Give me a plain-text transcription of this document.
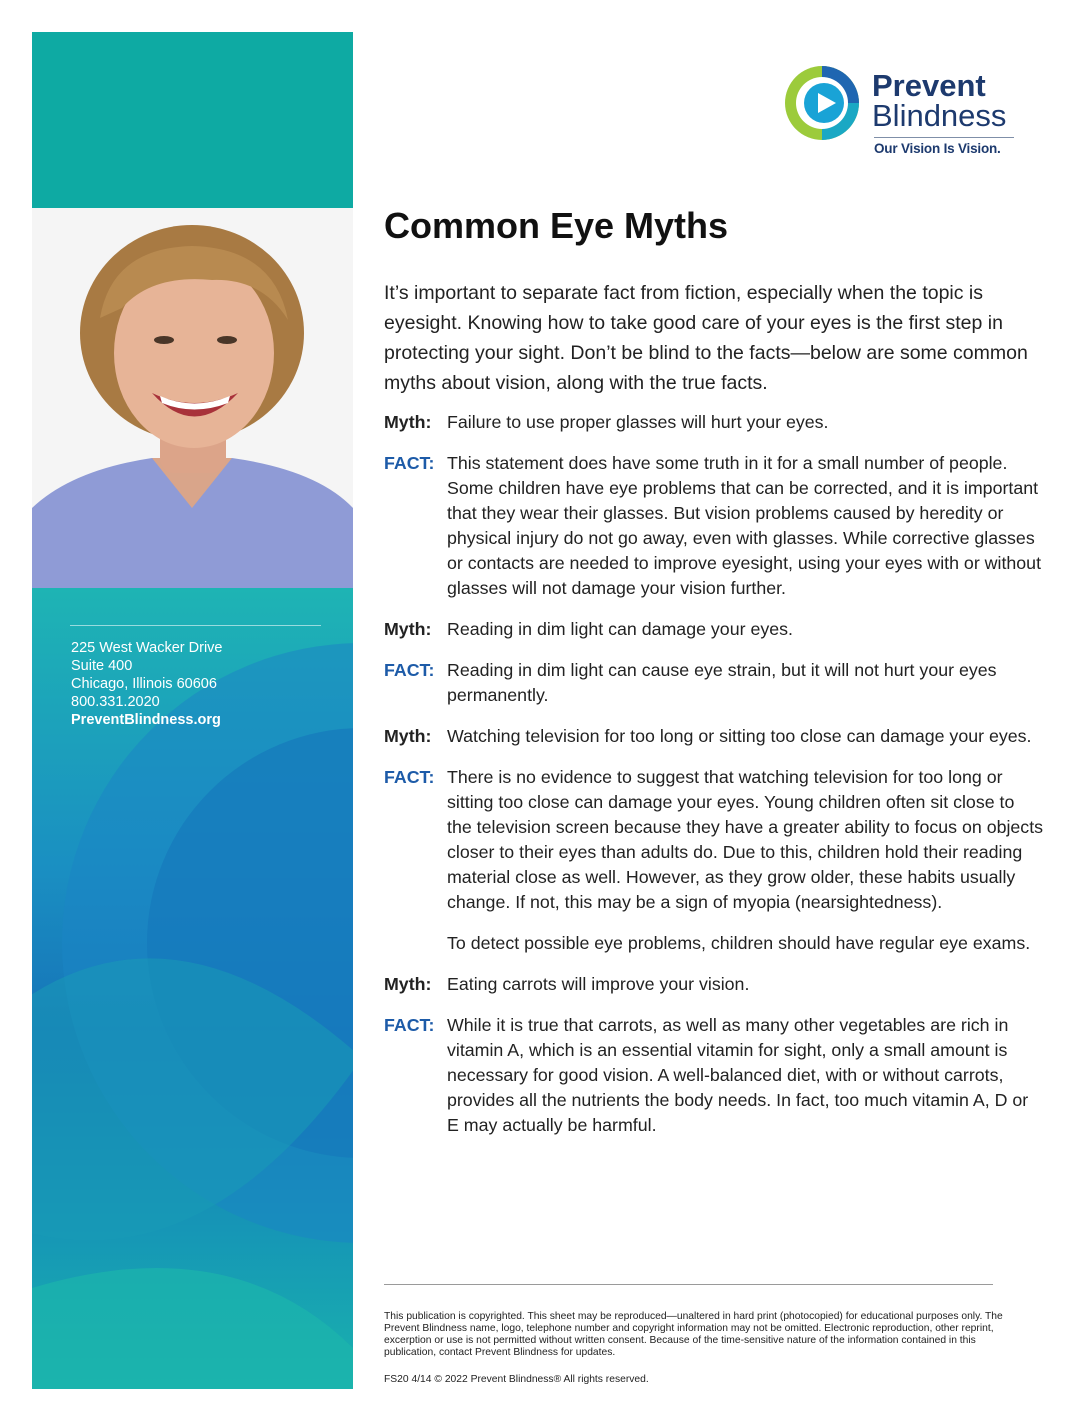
225 West Wacker Drive
Suite 400
Chicago, Illinois 60606
800.331.2020
PreventBlindness.org
Prevent
Blindness
Our Vision Is Vision.
Common Eye Myths

It’s important to separate fact from fiction, especially when the topic is eyesight. Knowing how to take good care of your eyes is the first step in protecting your sight. Don’t be blind to the facts—below are some common myths about vision, along with the true facts.

Myth: Failure to use proper glasses will hurt your eyes.

FACT: This statement does have some truth in it for a small number of people. Some children have eye problems that can be corrected, and it is important that they wear their glasses. But vision problems caused by heredity or physical injury do not go away, even with glasses. While corrective glasses or contacts are needed to improve eyesight, using your eyes with or without glasses will not damage your vision further.

Myth: Reading in dim light can damage your eyes.

FACT: Reading in dim light can cause eye strain, but it will not hurt your eyes permanently.

Myth: Watching television for too long or sitting too close can damage your eyes.

FACT: There is no evidence to suggest that watching television for too long or sitting too close can damage your eyes. Young children often sit close to the television screen because they have a greater ability to focus on objects closer to their eyes than adults do. Due to this, children hold their reading material close as well. However, as they grow older, these habits usually change. If not, this may be a sign of myopia (nearsightedness).

To detect possible eye problems, children should have regular eye exams.

Myth: Eating carrots will improve your vision.

FACT: While it is true that carrots, as well as many other vegetables are rich in vitamin A, which is an essential vitamin for sight, only a small amount is necessary for good vision. A well-balanced diet, with or without carrots, provides all the nutrients the body needs. In fact, too much vitamin A, D or E may actually be harmful.

This publication is copyrighted. This sheet may be reproduced—unaltered in hard print (photocopied) for educational purposes only. The Prevent Blindness name, logo, telephone number and copyright information may not be omitted. Electronic reproduction, other reprint, excerption or use is not permitted without written consent. Because of the time-sensitive nature of the information contained in this publication, contact Prevent Blindness for updates.

FS20 4/14 © 2022 Prevent Blindness® All rights reserved.
